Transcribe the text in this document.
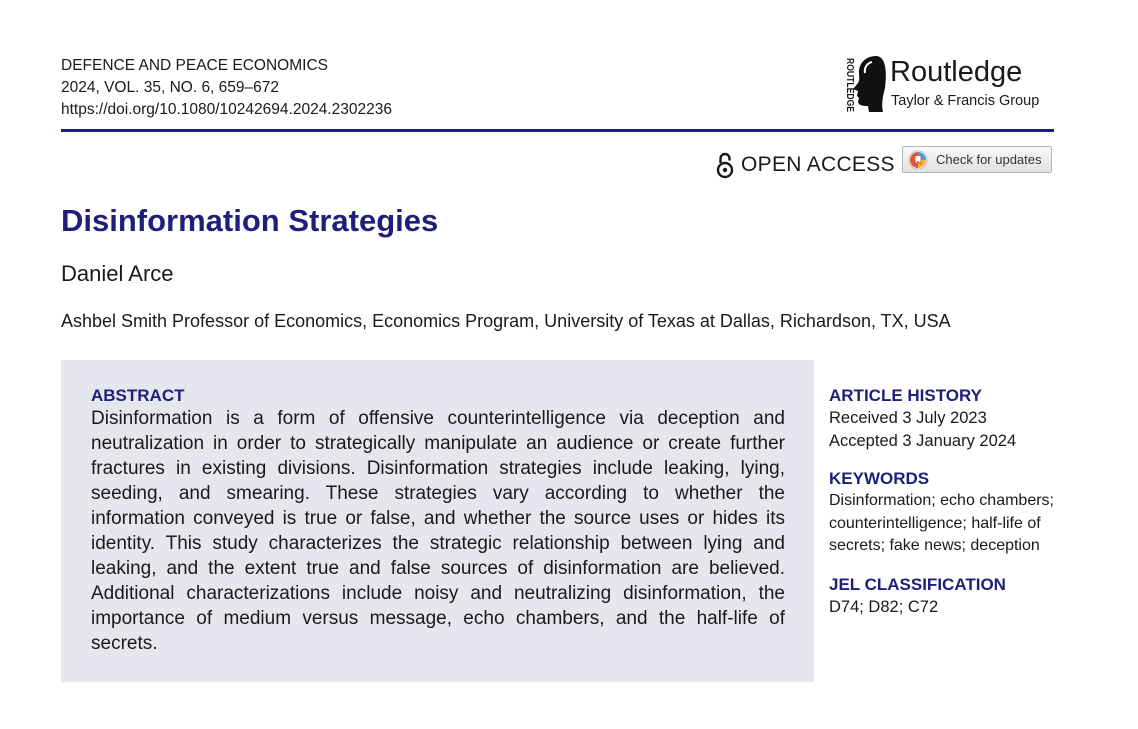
DEFENCE AND PEACE ECONOMICS
2024, VOL. 35, NO. 6, 659–672
https://doi.org/10.1080/10242694.2024.2302236	ROUTLEDGE Routledge
Taylor & Francis Group
OPEN ACCESS	Check for updates
Disinformation Strategies
Daniel Arce
Ashbel Smith Professor of Economics, Economics Program, University of Texas at Dallas, Richardson, TX, USA
ABSTRACT

Disinformation is a form of offensive counterintelligence via deception and neutralization in order to strategically manipulate an audience or create further fractures in existing divisions. Disinformation strategies include leaking, lying, seeding, and smearing. These strategies vary according to whether the information conveyed is true or false, and whether the source uses or hides its identity. This study characterizes the strategic relationship between lying and leaking, and the extent true and false sources of disinformation are believed. Additional characterizations include noisy and neutralizing disinformation, the importance of medium versus message, echo chambers, and the half-life of secrets.

ARTICLE HISTORY
Received 3 July 2023
Accepted 3 January 2024
KEYWORDS

Disinformation; echo chambers; counterintelligence; half-life of secrets; fake news; deception

JEL CLASSIFICATION
D74; D82; C72
